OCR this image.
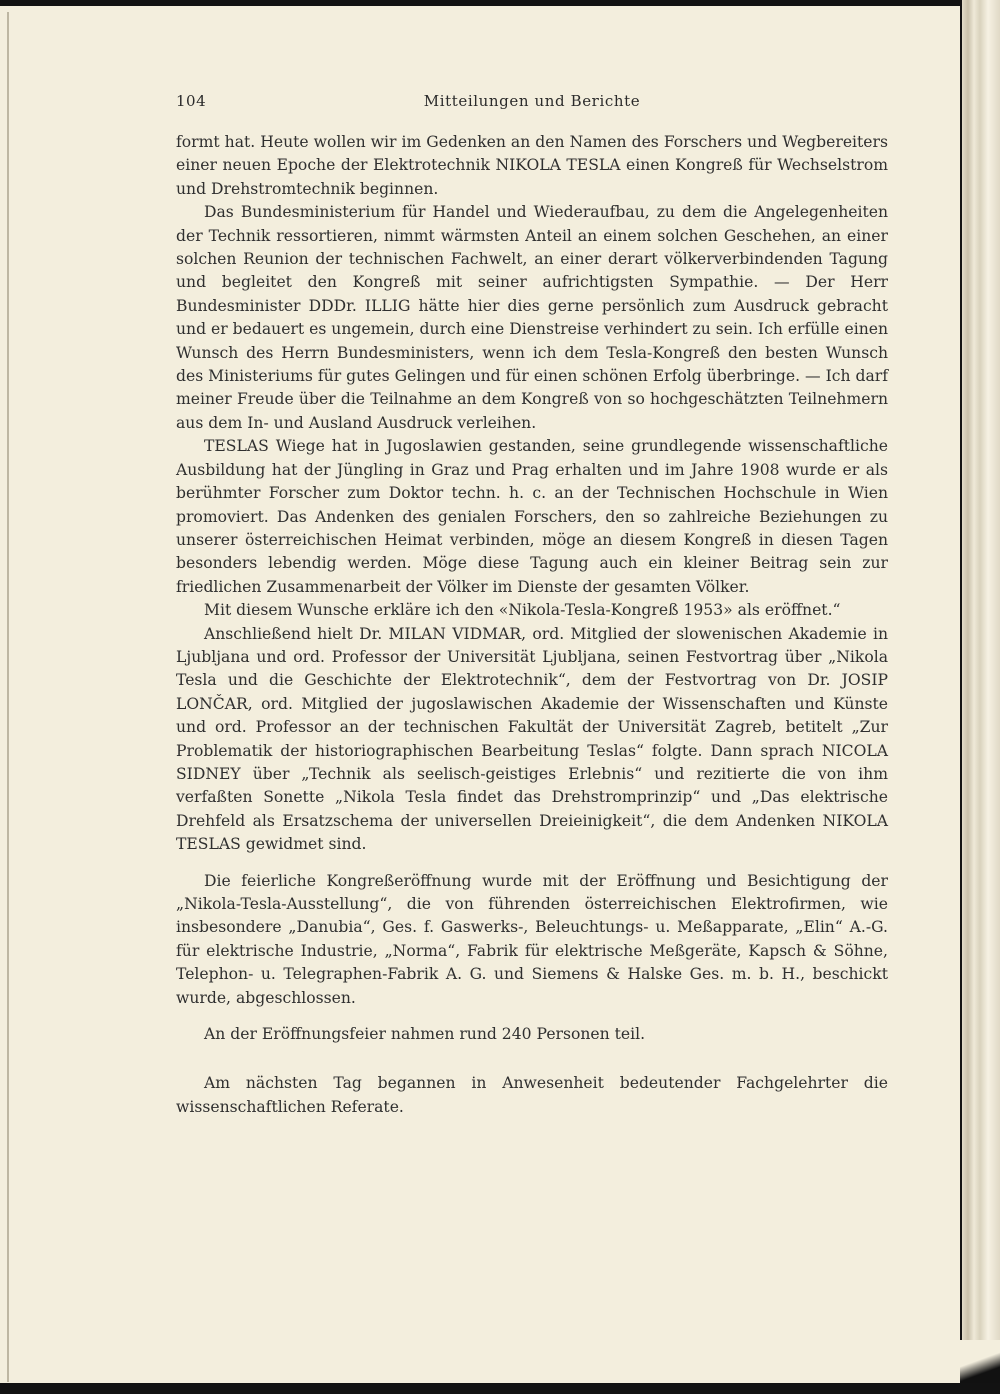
104	Mitteilungen und Berichte

formt hat. Heute wollen wir im Gedenken an den Namen des Forschers und Wegbereiters einer neuen Epoche der Elektrotechnik NIKOLA TESLA einen Kongreß für Wechselstrom und Drehstromtechnik beginnen.

Das Bundesministerium für Handel und Wiederaufbau, zu dem die Angelegenheiten der Technik ressortieren, nimmt wärmsten Anteil an einem solchen Geschehen, an einer solchen Reunion der technischen Fachwelt, an einer derart völkerverbindenden Tagung und begleitet den Kongreß mit seiner aufrichtigsten Sympathie. — Der Herr Bundesminister DDDr. ILLIG hätte hier dies gerne persönlich zum Ausdruck gebracht und er bedauert es ungemein, durch eine Dienstreise verhindert zu sein. Ich erfülle einen Wunsch des Herrn Bundesministers, wenn ich dem Tesla-Kongreß den besten Wunsch des Ministeriums für gutes Gelingen und für einen schönen Erfolg überbringe. — Ich darf meiner Freude über die Teilnahme an dem Kongreß von so hochgeschätzten Teilnehmern aus dem In- und Ausland Ausdruck verleihen.

TESLAS Wiege hat in Jugoslawien gestanden, seine grundlegende wissenschaftliche Ausbildung hat der Jüngling in Graz und Prag erhalten und im Jahre 1908 wurde er als berühmter Forscher zum Doktor techn. h. c. an der Technischen Hochschule in Wien promoviert. Das Andenken des genialen Forschers, den so zahlreiche Beziehungen zu unserer österreichischen Heimat verbinden, möge an diesem Kongreß in diesen Tagen besonders lebendig werden. Möge diese Tagung auch ein kleiner Beitrag sein zur friedlichen Zusammenarbeit der Völker im Dienste der gesamten Völker.

Mit diesem Wunsche erkläre ich den «Nikola-Tesla-Kongreß 1953» als eröffnet.“

Anschließend hielt Dr. MILAN VIDMAR, ord. Mitglied der slowenischen Akademie in Ljubljana und ord. Professor der Universität Ljubljana, seinen Festvortrag über „Nikola Tesla und die Geschichte der Elektrotechnik“, dem der Festvortrag von Dr. JOSIP LONČAR, ord. Mitglied der jugoslawischen Akademie der Wissenschaften und Künste und ord. Professor an der technischen Fakultät der Universität Zagreb, betitelt „Zur Problematik der historiographischen Bearbeitung Teslas“ folgte. Dann sprach NICOLA SIDNEY über „Technik als seelisch-geistiges Erlebnis“ und rezitierte die von ihm verfaßten Sonette „Nikola Tesla findet das Drehstromprinzip“ und „Das elektrische Drehfeld als Ersatzschema der universellen Dreieinigkeit“, die dem Andenken NIKOLA TESLAS gewidmet sind.

Die feierliche Kongreßeröffnung wurde mit der Eröffnung und Besichtigung der „Nikola-Tesla-Ausstellung“, die von führenden österreichischen Elektrofirmen, wie insbesondere „Danubia“, Ges. f. Gaswerks-, Beleuchtungs- u. Meßapparate, „Elin“ A.-G. für elektrische Industrie, „Norma“, Fabrik für elektrische Meßgeräte, Kapsch & Söhne, Telephon- u. Telegraphen-Fabrik A. G. und Siemens & Halske Ges. m. b. H., beschickt wurde, abgeschlossen.

An der Eröffnungsfeier nahmen rund 240 Personen teil.

Am nächsten Tag begannen in Anwesenheit bedeutender Fachgelehrter die wissenschaftlichen Referate.
